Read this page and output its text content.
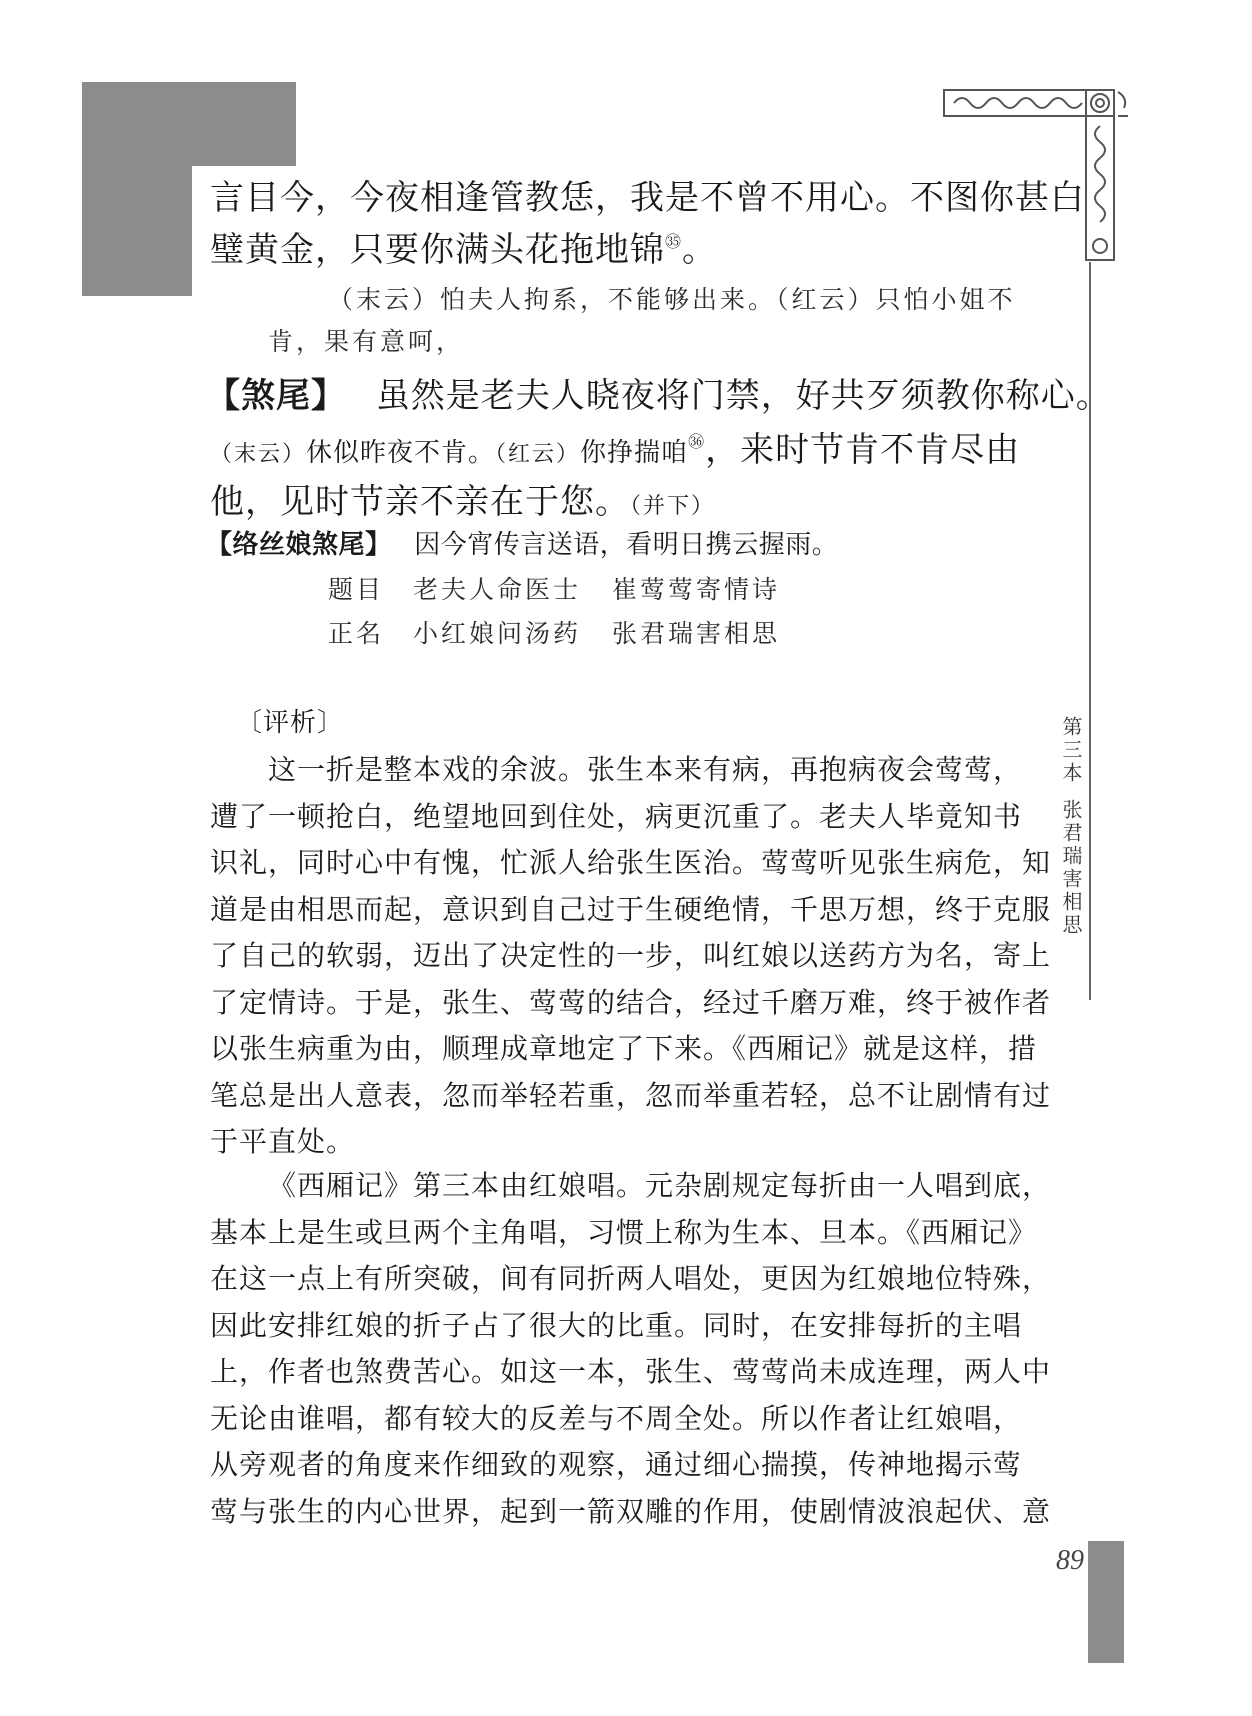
第三本张君瑞害相思
言目今，今夜相逢管教恁，我是不曾不用心。不图你甚白
璧黄金，只要你满头花拖地锦$^㉟$。
（末云）怕夫人拘系，不能够出来。（红云）只怕小姐不
肯，果有意呵，
【煞尾】 虽然是老夫人晓夜将门禁，好共歹须教你称心。
（末云）休似昨夜不肯。（红云）你挣揣咱$^㊱$，来时节肯不肯尽由
他，见时节亲不亲在于您。（并下）
【络丝娘煞尾】 因今宵传言送语，看明日携云握雨。
题目 老夫人命医士 崔莺莺寄情诗
正名 小红娘问汤药 张君瑞害相思
〔评析〕
这一折是整本戏的余波。张生本来有病，再抱病夜会莺莺，
遭了一顿抢白，绝望地回到住处，病更沉重了。老夫人毕竟知书
识礼，同时心中有愧，忙派人给张生医治。莺莺听见张生病危，知
道是由相思而起，意识到自己过于生硬绝情，千思万想，终于克服
了自己的软弱，迈出了决定性的一步，叫红娘以送药方为名，寄上
了定情诗。于是，张生、莺莺的结合，经过千磨万难，终于被作者
以张生病重为由，顺理成章地定了下来。《西厢记》就是这样，措
笔总是出人意表，忽而举轻若重，忽而举重若轻，总不让剧情有过
于平直处。
《西厢记》第三本由红娘唱。元杂剧规定每折由一人唱到底，
基本上是生或旦两个主角唱，习惯上称为生本、旦本。《西厢记》
在这一点上有所突破，间有同折两人唱处，更因为红娘地位特殊，
因此安排红娘的折子占了很大的比重。同时，在安排每折的主唱
上，作者也煞费苦心。如这一本，张生、莺莺尚未成连理，两人中
无论由谁唱，都有较大的反差与不周全处。所以作者让红娘唱，
从旁观者的角度来作细致的观察，通过细心揣摸，传神地揭示莺
莺与张生的内心世界，起到一箭双雕的作用，使剧情波浪起伏、意
89
